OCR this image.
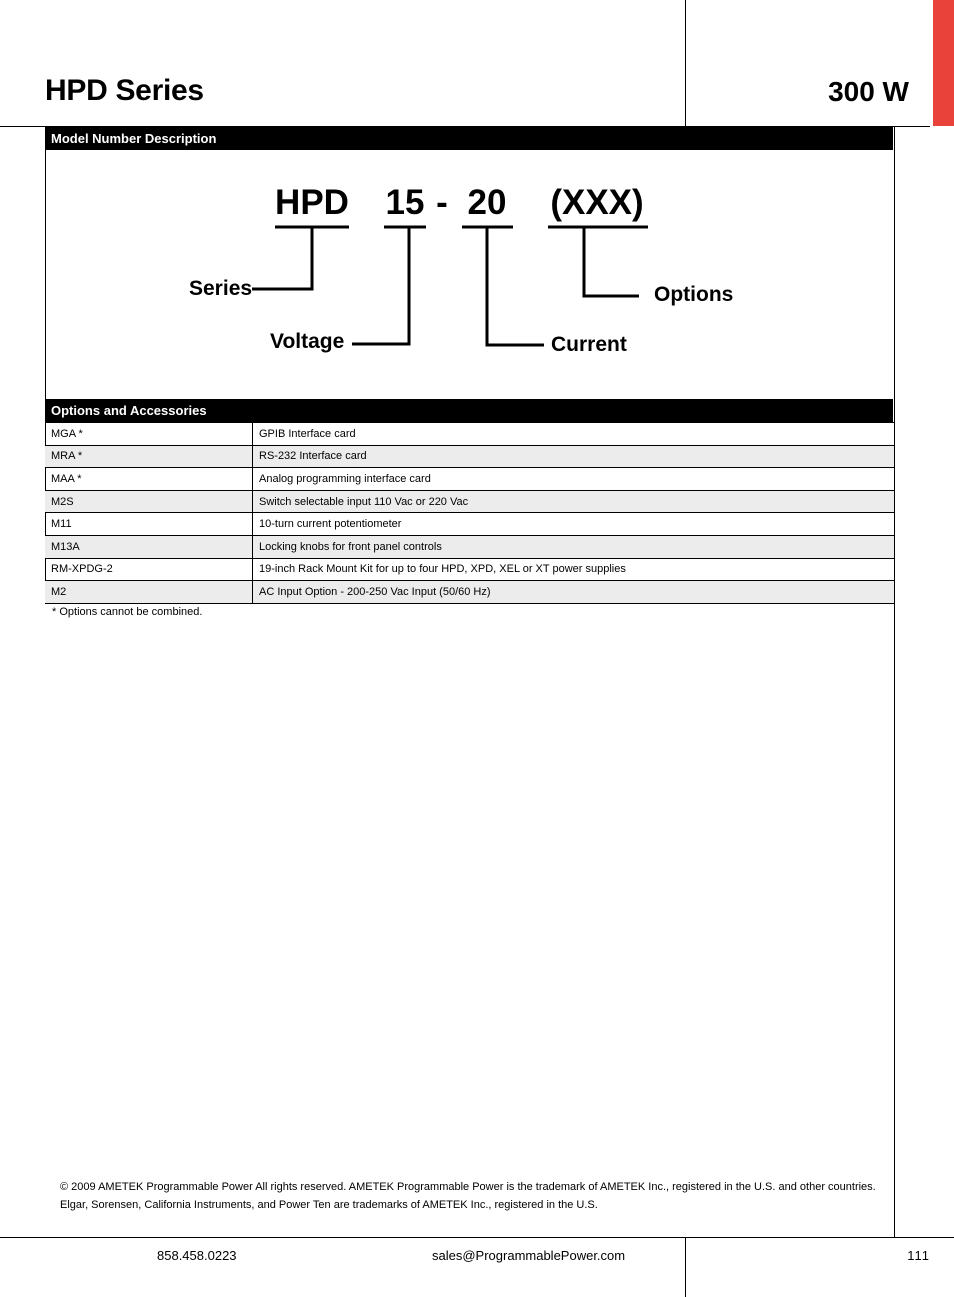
HPD Series	300 W
Model Number Description
HPD 15 - 20 (XXX)
Series
Voltage	Current
Options
Options and Accessories
MGA *	GPIB Interface card
MRA *	RS-232 Interface card
MAA *	Analog programming interface card
M2S	Switch selectable input 110 Vac or 220 Vac
M11	10-turn current potentiometer
M13A	Locking knobs for front panel controls
RM-XPDG-2	19-inch Rack Mount Kit for up to four HPD, XPD, XEL or XT power supplies
M2	AC Input Option - 200-250 Vac Input (50/60 Hz)
* Options cannot be combined.
© 2009 AMETEK Programmable Power All rights reserved. AMETEK Programmable Power is the trademark of AMETEK Inc., registered in the U.S. and other countries.
Elgar, Sorensen, California Instruments, and Power Ten are trademarks of AMETEK Inc., registered in the U.S.
858.458.0223	sales@ProgrammablePower.com	111
